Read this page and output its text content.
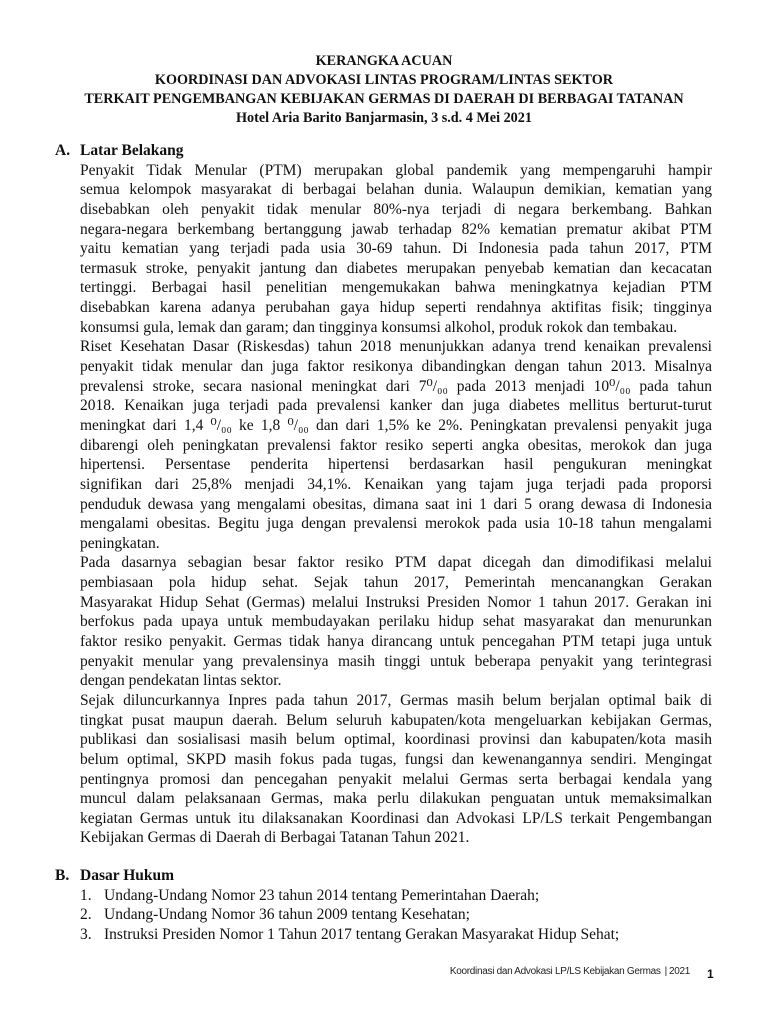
KERANGKA ACUAN
KOORDINASI DAN ADVOKASI LINTAS PROGRAM/LINTAS SEKTOR
TERKAIT PENGEMBANGAN KEBIJAKAN GERMAS DI DAERAH DI BERBAGAI TATANAN
Hotel Aria Barito Banjarmasin, 3 s.d. 4 Mei 2021
A. Latar Belakang
Penyakit Tidak Menular (PTM) merupakan global pandemik yang mempengaruhi hampir
semua kelompok masyarakat di berbagai belahan dunia. Walaupun demikian, kematian yang
disebabkan oleh penyakit tidak menular 80%-nya terjadi di negara berkembang. Bahkan
negara-negara berkembang bertanggung jawab terhadap 82% kematian prematur akibat PTM
yaitu kematian yang terjadi pada usia 30-69 tahun. Di Indonesia pada tahun 2017, PTM
termasuk stroke, penyakit jantung dan diabetes merupakan penyebab kematian dan kecacatan
tertinggi. Berbagai hasil penelitian mengemukakan bahwa meningkatnya kejadian PTM
disebabkan karena adanya perubahan gaya hidup seperti rendahnya aktifitas fisik; tingginya
konsumsi gula, lemak dan garam; dan tingginya konsumsi alkohol, produk rokok dan tembakau.
Riset Kesehatan Dasar (Riskesdas) tahun 2018 menunjukkan adanya trend kenaikan prevalensi
penyakit tidak menular dan juga faktor resikonya dibandingkan dengan tahun 2013. Misalnya
prevalensi stroke, secara nasional meningkat dari 7⁰/₀₀ pada 2013 menjadi 10⁰/₀₀ pada tahun
2018. Kenaikan juga terjadi pada prevalensi kanker dan juga diabetes mellitus berturut-turut
meningkat dari 1,4 ⁰/₀₀ ke 1,8 ⁰/₀₀ dan dari 1,5% ke 2%. Peningkatan prevalensi penyakit juga
dibarengi oleh peningkatan prevalensi faktor resiko seperti angka obesitas, merokok dan juga
hipertensi. Persentase penderita hipertensi berdasarkan hasil pengukuran meningkat
signifikan dari 25,8% menjadi 34,1%. Kenaikan yang tajam juga terjadi pada proporsi
penduduk dewasa yang mengalami obesitas, dimana saat ini 1 dari 5 orang dewasa di Indonesia
mengalami obesitas. Begitu juga dengan prevalensi merokok pada usia 10-18 tahun mengalami
peningkatan.
Pada dasarnya sebagian besar faktor resiko PTM dapat dicegah dan dimodifikasi melalui
pembiasaan pola hidup sehat. Sejak tahun 2017, Pemerintah mencanangkan Gerakan
Masyarakat Hidup Sehat (Germas) melalui Instruksi Presiden Nomor 1 tahun 2017. Gerakan ini
berfokus pada upaya untuk membudayakan perilaku hidup sehat masyarakat dan menurunkan
faktor resiko penyakit. Germas tidak hanya dirancang untuk pencegahan PTM tetapi juga untuk
penyakit menular yang prevalensinya masih tinggi untuk beberapa penyakit yang terintegrasi
dengan pendekatan lintas sektor.
Sejak diluncurkannya Inpres pada tahun 2017, Germas masih belum berjalan optimal baik di
tingkat pusat maupun daerah. Belum seluruh kabupaten/kota mengeluarkan kebijakan Germas,
publikasi dan sosialisasi masih belum optimal, koordinasi provinsi dan kabupaten/kota masih
belum optimal, SKPD masih fokus pada tugas, fungsi dan kewenangannya sendiri. Mengingat
pentingnya promosi dan pencegahan penyakit melalui Germas serta berbagai kendala yang
muncul dalam pelaksanaan Germas, maka perlu dilakukan penguatan untuk memaksimalkan
kegiatan Germas untuk itu dilaksanakan Koordinasi dan Advokasi LP/LS terkait Pengembangan
Kebijakan Germas di Daerah di Berbagai Tatanan Tahun 2021.
B. Dasar Hukum
1. Undang-Undang Nomor 23 tahun 2014 tentang Pemerintahan Daerah;
2. Undang-Undang Nomor 36 tahun 2009 tentang Kesehatan;
3. Instruksi Presiden Nomor 1 Tahun 2017 tentang Gerakan Masyarakat Hidup Sehat;
Koordinasi dan Advokasi LP/LS Kebijakan Germas | 2021 1
